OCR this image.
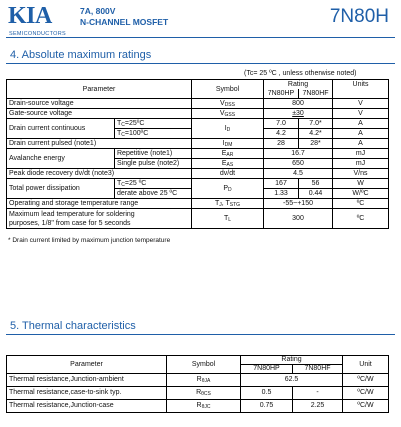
KIA
SEMICONDUCTORS
7A, 800V
N-CHANNEL MOSFET	7N80H
4. Absolute maximum ratings
(Tc= 25 ºC , unless otherwise noted)
Parameter		Symbol	Rating		Units
			7N80HP	7N80HF	
Drain-source voltage		$V_{DSS}$	800		V
Gate-source voltage		$V_{GSS}$	±30		V
Drain current continuous	$T_C=25ºC$	$I_D$	7.0	7.0*	A
	$T_C=100ºC$		4.2	4.2*	A
Drain current pulsed (note1)		$I_{DM}$	28	28*	A
Avalanche energy	Repetitive (note1)	$E_{AR}$	16.7		mJ
	Single pulse (note2)	$E_{AS}$	650		mJ
Peak diode recovery dv/dt (note3)		dv/dt	4.5		V/ns
Total power dissipation	$T_C=25$ ºC	$P_D$	167	56	W
	derate above 25 ºC		1.33	0.44	W/ºC
Operating and storage temperature range		$T_J$, $T_{STG}$	-55~+150		ºC

Maximum lead temperature for soldering
purposes, 1/8" from case for 5 seconds		$T_L$	300		ºC
* Drain current limited by maximum junction temperature
5. Thermal characteristics
Parameter	Symbol	Rating		Unit
		7N80HP	7N80HF	
Thermal resistance,Junction-ambient	$R_{\theta JA}$	62.5		ºC/W
Thermal resistance,case-to-sink typ.	$R_{\theta CS}$	0.5	-	ºC/W
Thermal resistance,Junction-case	$R_{\theta JC}$	0.75	2.25	ºC/W
